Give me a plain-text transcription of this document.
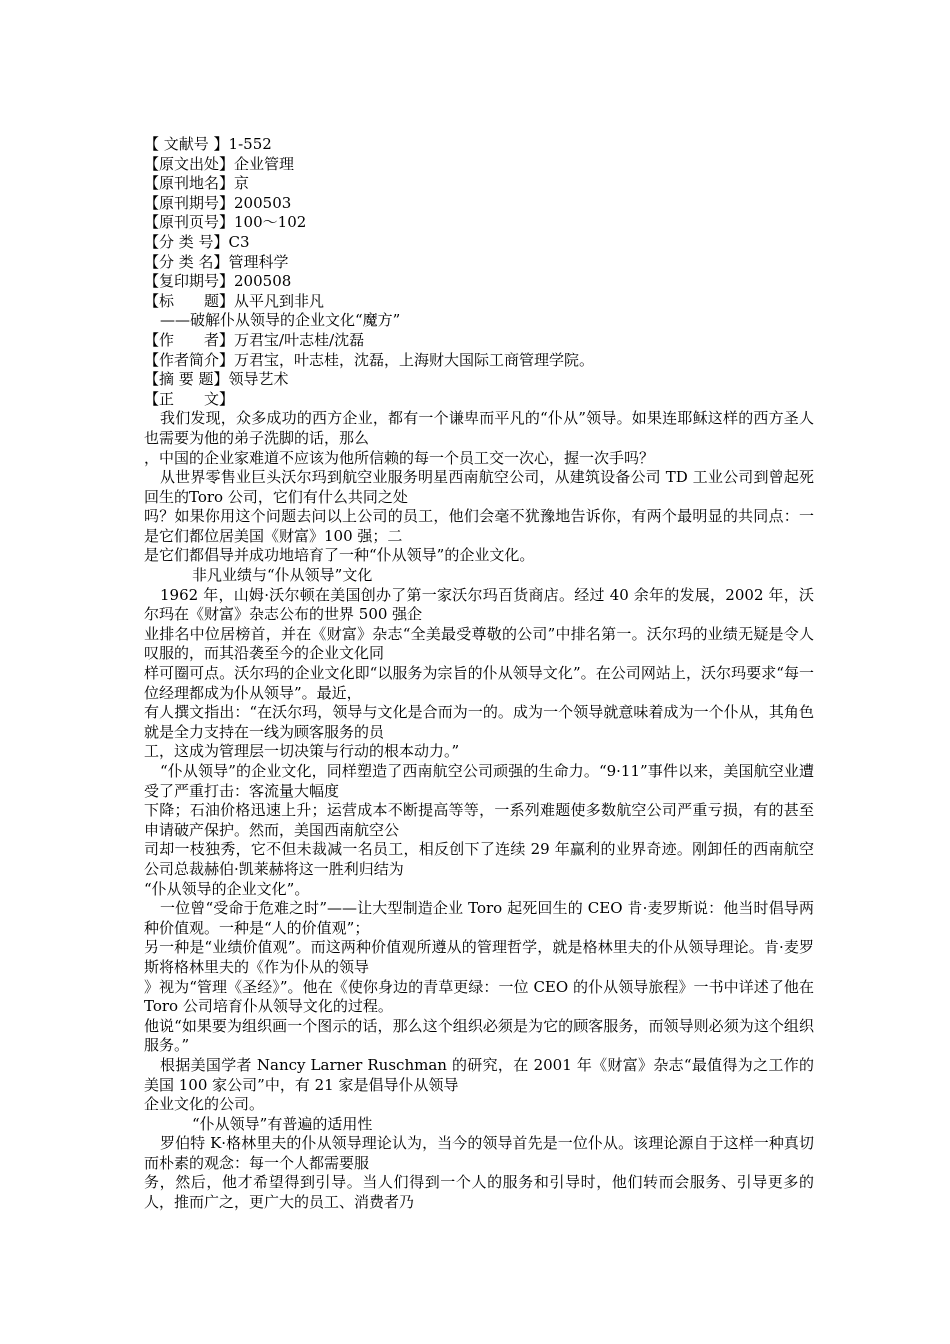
【 文献号 】1-552
【原文出处】企业管理
【原刊地名】京
【原刊期号】200503
【原刊页号】100～102
【分 类 号】C3
【分 类 名】管理科学
【复印期号】200508
【标　　题】从平凡到非凡
——破解仆从领导的企业文化“魔方”
【作　　者】万君宝/叶志桂/沈磊
【作者简介】万君宝，叶志桂，沈磊，上海财大国际工商管理学院。
【摘 要 题】领导艺术
【正　　文】
我们发现，众多成功的西方企业，都有一个谦卑而平凡的“仆从”领导。如果连耶稣这样的西方圣人也需要为他的弟子洗脚的话，那么
，中国的企业家难道不应该为他所信赖的每一个员工交一次心，握一次手吗？
从世界零售业巨头沃尔玛到航空业服务明星西南航空公司，从建筑设备公司 TD 工业公司到曾起死回生的Toro 公司，它们有什么共同之处
吗？如果你用这个问题去问以上公司的员工，他们会毫不犹豫地告诉你，有两个最明显的共同点：一是它们都位居美国《财富》100 强；二
是它们都倡导并成功地培育了一种“仆从领导”的企业文化。
非凡业绩与“仆从领导”文化
1962 年，山姆·沃尔顿在美国创办了第一家沃尔玛百货商店。经过 40 余年的发展，2002 年，沃尔玛在《财富》杂志公布的世界 500 强企
业排名中位居榜首，并在《财富》杂志“全美最受尊敬的公司”中排名第一。沃尔玛的业绩无疑是令人叹服的，而其沿袭至今的企业文化同
样可圈可点。沃尔玛的企业文化即“以服务为宗旨的仆从领导文化”。在公司网站上，沃尔玛要求“每一位经理都成为仆从领导”。最近，
有人撰文指出：“在沃尔玛，领导与文化是合而为一的。成为一个领导就意味着成为一个仆从，其角色就是全力支持在一线为顾客服务的员
工，这成为管理层一切决策与行动的根本动力。”
“仆从领导”的企业文化，同样塑造了西南航空公司顽强的生命力。“9·11”事件以来，美国航空业遭受了严重打击：客流量大幅度
下降；石油价格迅速上升；运营成本不断提高等等，一系列难题使多数航空公司严重亏损，有的甚至申请破产保护。然而，美国西南航空公
司却一枝独秀，它不但未裁减一名员工，相反创下了连续 29 年赢利的业界奇迹。刚卸任的西南航空公司总裁赫伯·凯莱赫将这一胜利归结为
“仆从领导的企业文化”。
一位曾“受命于危难之时”——让大型制造企业 Toro 起死回生的 CEO 肯·麦罗斯说：他当时倡导两种价值观。一种是“人的价值观”；
另一种是“业绩价值观”。而这两种价值观所遵从的管理哲学，就是格林里夫的仆从领导理论。肯·麦罗斯将格林里夫的《作为仆从的领导
》视为“管理《圣经》”。他在《使你身边的青草更绿：一位 CEO 的仆从领导旅程》一书中详述了他在 Toro 公司培育仆从领导文化的过程。
他说“如果要为组织画一个图示的话，那么这个组织必须是为它的顾客服务，而领导则必须为这个组织服务。”
根据美国学者 Nancy Larner Ruschman 的研究，在 2001 年《财富》杂志“最值得为之工作的美国 100 家公司”中，有 21 家是倡导仆从领导
企业文化的公司。
“仆从领导”有普遍的适用性
罗伯特 K·格林里夫的仆从领导理论认为，当今的领导首先是一位仆从。该理论源自于这样一种真切而朴素的观念：每一个人都需要服
务，然后，他才希望得到引导。当人们得到一个人的服务和引导时，他们转而会服务、引导更多的人，推而广之，更广大的员工、消费者乃
